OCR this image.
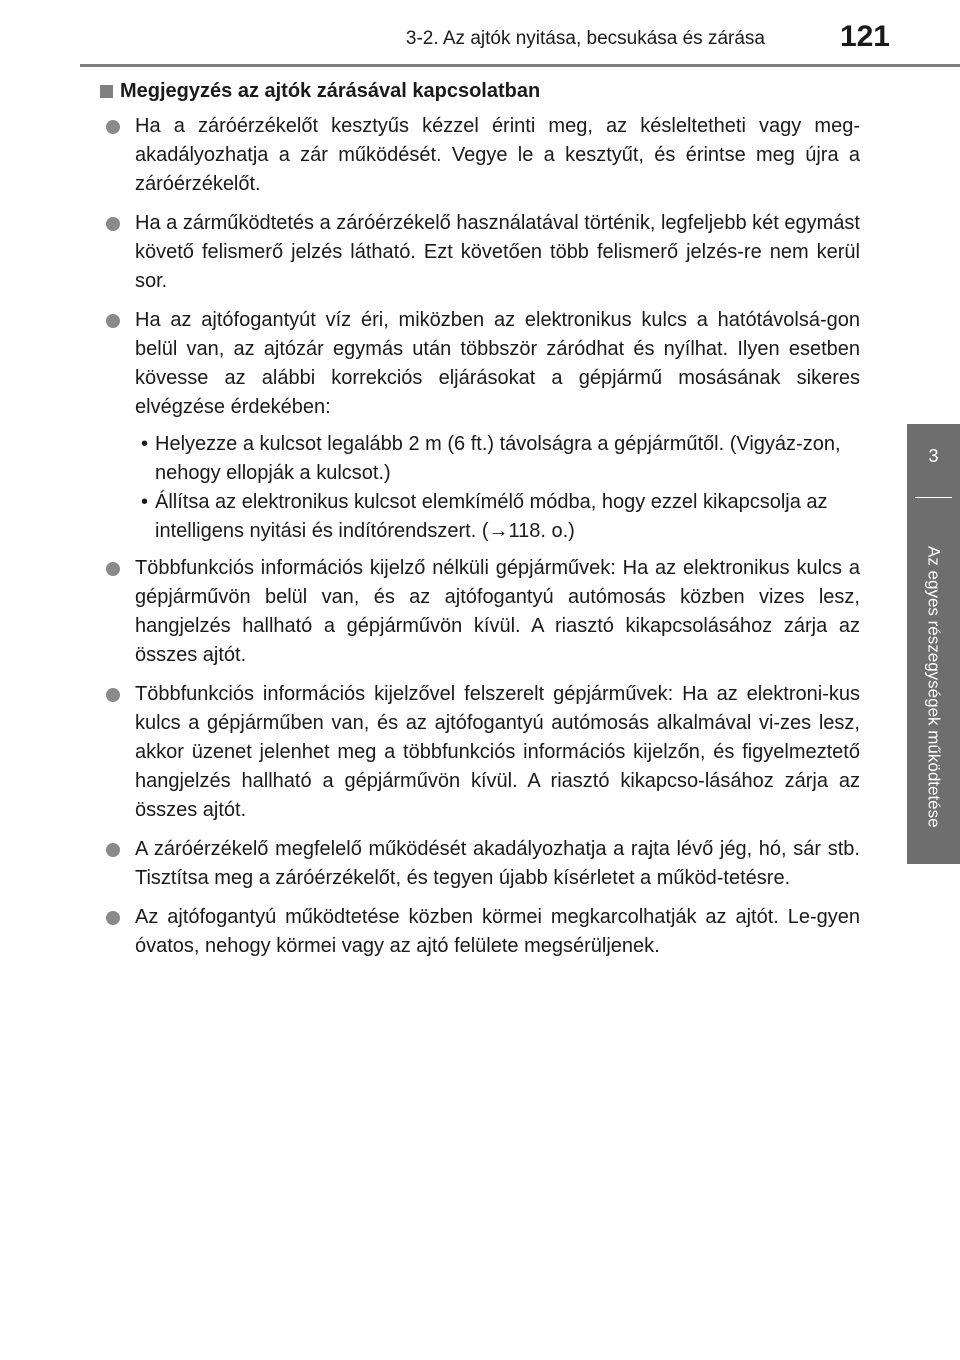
3-2. Az ajtók nyitása, becsukása és zárása	121
3
Az egyes részegységek működtetése
Megjegyzés az ajtók zárásával kapcsolatban
Ha a záróérzékelőt kesztyűs kézzel érinti meg, az késleltetheti vagy meg-akadályozhatja a zár működését. Vegye le a kesztyűt, és érintse meg újra a záróérzékelőt.
Ha a zárműködtetés a záróérzékelő használatával történik, legfeljebb két egymást követő felismerő jelzés látható. Ezt követően több felismerő jelzés-re nem kerül sor.
Ha az ajtófogantyút víz éri, miközben az elektronikus kulcs a hatótávolsá-gon belül van, az ajtózár egymás után többször záródhat és nyílhat. Ilyen esetben kövesse az alábbi korrekciós eljárásokat a gépjármű mosásának sikeres elvégzése érdekében:
• Helyezze a kulcsot legalább 2 m (6 ft.) távolságra a gépjárműtől. (Vigyáz-zon, nehogy ellopják a kulcsot.)
• Állítsa az elektronikus kulcsot elemkímélő módba, hogy ezzel kikapcsolja az intelligens nyitási és indítórendszert. (→118. o.)
Többfunkciós információs kijelző nélküli gépjárművek: Ha az elektronikus kulcs a gépjárművön belül van, és az ajtófogantyú autómosás közben vizes lesz, hangjelzés hallható a gépjárművön kívül. A riasztó kikapcsolásához zárja az összes ajtót.
Többfunkciós információs kijelzővel felszerelt gépjárművek: Ha az elektroni-kus kulcs a gépjárműben van, és az ajtófogantyú autómosás alkalmával vi-zes lesz, akkor üzenet jelenhet meg a többfunkciós információs kijelzőn, és figyelmeztető hangjelzés hallható a gépjárművön kívül. A riasztó kikapcso-lásához zárja az összes ajtót.
A záróérzékelő megfelelő működését akadályozhatja a rajta lévő jég, hó, sár stb. Tisztítsa meg a záróérzékelőt, és tegyen újabb kísérletet a működ-tetésre.
Az ajtófogantyú működtetése közben körmei megkarcolhatják az ajtót. Le-gyen óvatos, nehogy körmei vagy az ajtó felülete megsérüljenek.
